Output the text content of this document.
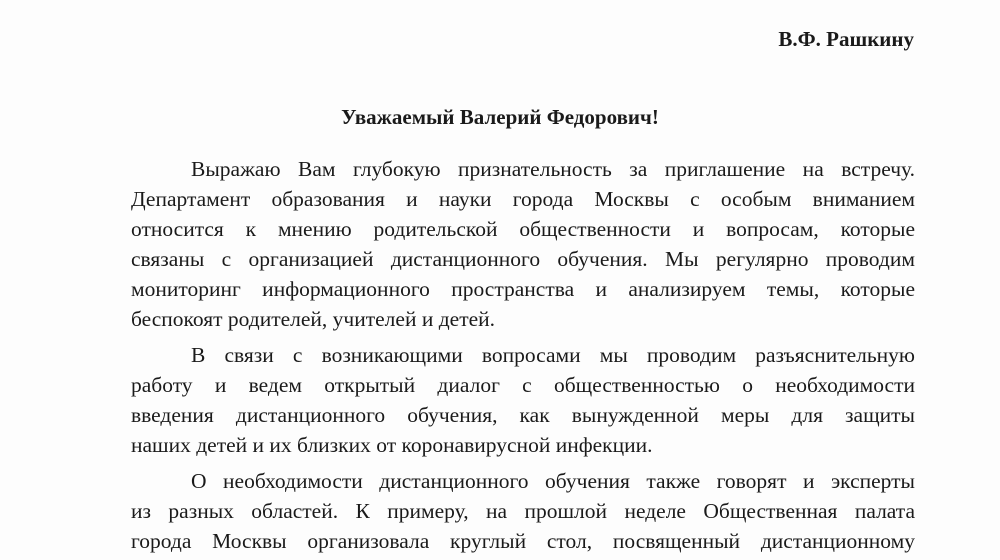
В.Ф. Рашкину
Уважаемый Валерий Федорович!
Выражаю Вам глубокую признательность за приглашение на встречу.
Департамент образования и науки города Москвы с особым вниманием
относится к мнению родительской общественности и вопросам, которые
связаны с организацией дистанционного обучения. Мы регулярно проводим
мониторинг информационного пространства и анализируем темы, которые
беспокоят родителей, учителей и детей.
В связи с возникающими вопросами мы проводим разъяснительную
работу и ведем открытый диалог с общественностью о необходимости
введения дистанционного обучения, как вынужденной меры для защиты
наших детей и их близких от коронавирусной инфекции.
О необходимости дистанционного обучения также говорят и эксперты
из разных областей. К примеру, на прошлой неделе Общественная палата
города Москвы организовала круглый стол, посвященный дистанционному
